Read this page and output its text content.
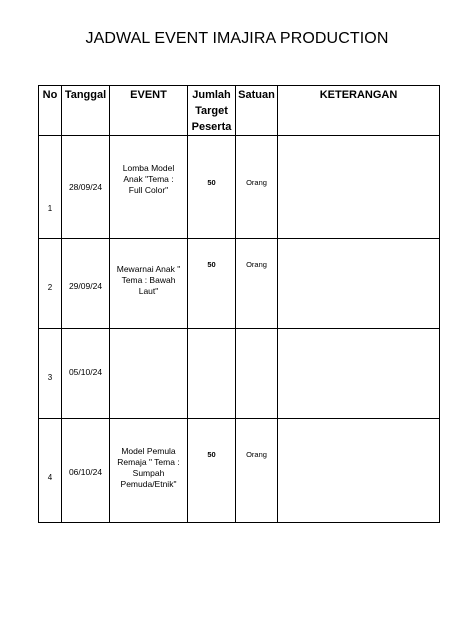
JADWAL EVENT IMAJIRA PRODUCTION
No	Tanggal	EVENT	Jumlah Target Peserta	Satuan	KETERANGAN

1	28/09/24	Lomba Model Anak "Tema : Full Color"	50	Orang	

2	29/09/24	Mewarnai Anak " Tema : Bawah Laut"	50	Orang	

3	05/10/24				

4	06/10/24	Model Pemula Remaja " Tema : Sumpah Pemuda/Etnik"	50	Orang	
